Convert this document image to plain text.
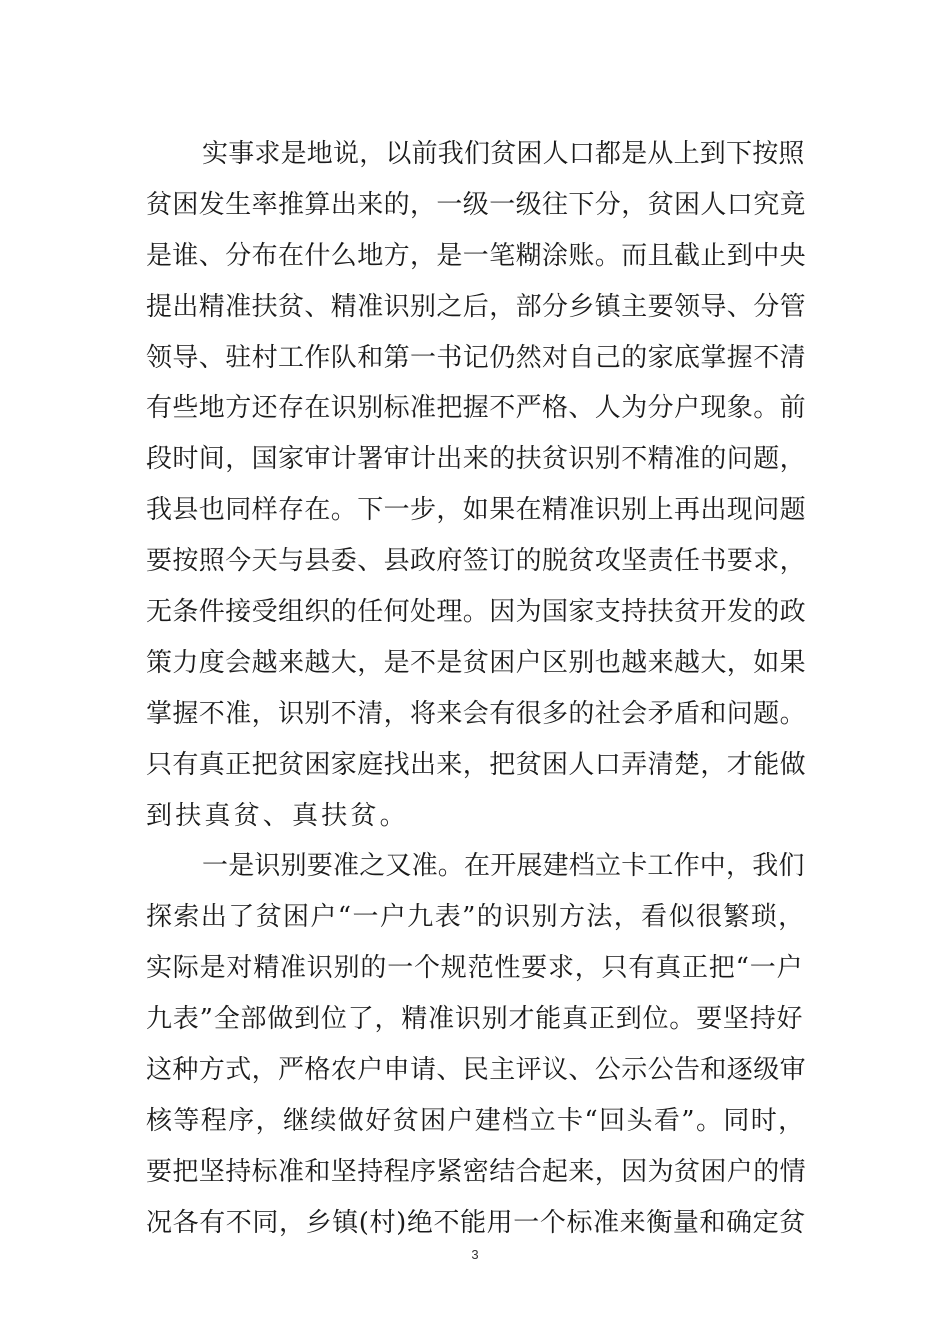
实事求是地说，以前我们贫困人口都是从上到下按照
贫困发生率推算出来的，一级一级往下分，贫困人口究竟
是谁、分布在什么地方，是一笔糊涂账。而且截止到中央
提出精准扶贫、精准识别之后，部分乡镇主要领导、分管
领导、驻村工作队和第一书记仍然对自己的家底掌握不清
有些地方还存在识别标准把握不严格、人为分户现象。前
段时间，国家审计署审计出来的扶贫识别不精准的问题，
我县也同样存在。下一步，如果在精准识别上再出现问题
要按照今天与县委、县政府签订的脱贫攻坚责任书要求，
无条件接受组织的任何处理。因为国家支持扶贫开发的政
策力度会越来越大，是不是贫困户区别也越来越大，如果
掌握不准，识别不清，将来会有很多的社会矛盾和问题。
只有真正把贫困家庭找出来，把贫困人口弄清楚，才能做
到扶真贫、真扶贫。
一是识别要准之又准。在开展建档立卡工作中，我们
探索出了贫困户“一户九表”的识别方法，看似很繁琐，
实际是对精准识别的一个规范性要求，只有真正把“一户
九表”全部做到位了，精准识别才能真正到位。要坚持好
这种方式，严格农户申请、民主评议、公示公告和逐级审
核等程序，继续做好贫困户建档立卡“回头看”。同时，
要把坚持标准和坚持程序紧密结合起来，因为贫困户的情
况各有不同，乡镇(村)绝不能用一个标准来衡量和确定贫
3
